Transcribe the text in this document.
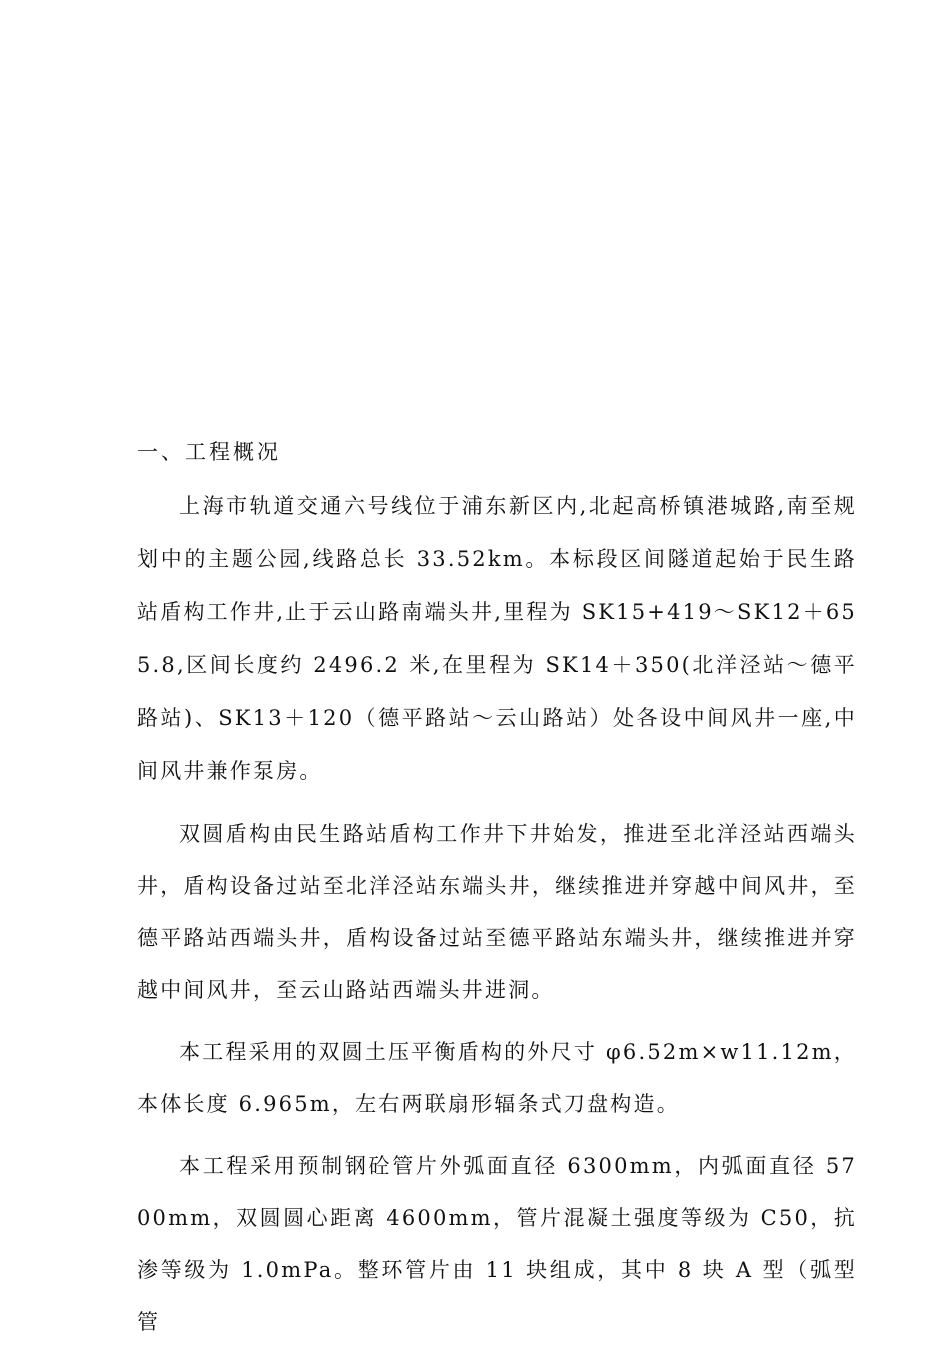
一、工程概况

上海市轨道交通六号线位于浦东新区内,北起高桥镇港城路,南至规划中的主题公园,线路总长 33.52km。本标段区间隧道起始于民生路站盾构工作井,止于云山路南端头井,里程为 SK15+419～SK12＋655.8,区间长度约 2496.2 米,在里程为 SK14＋350(北洋泾站～德平路站)、SK13＋120（德平路站～云山路站）处各设中间风井一座,中间风井兼作泵房。

双圆盾构由民生路站盾构工作井下井始发，推进至北洋泾站西端头井，盾构设备过站至北洋泾站东端头井，继续推进并穿越中间风井，至德平路站西端头井，盾构设备过站至德平路站东端头井，继续推进并穿越中间风井，至云山路站西端头井进洞。

本工程采用的双圆土压平衡盾构的外尺寸 φ6.52m×w11.12m，本体长度 6.965m，左右两联扇形辐条式刀盘构造。

本工程采用预制钢砼管片外弧面直径 6300mm，内弧面直径 5700mm，双圆圆心距离 4600mm，管片混凝土强度等级为 C50，抗渗等级为 1.0mPa。整环管片由 11 块组成，其中 8 块 A 型（弧型管
